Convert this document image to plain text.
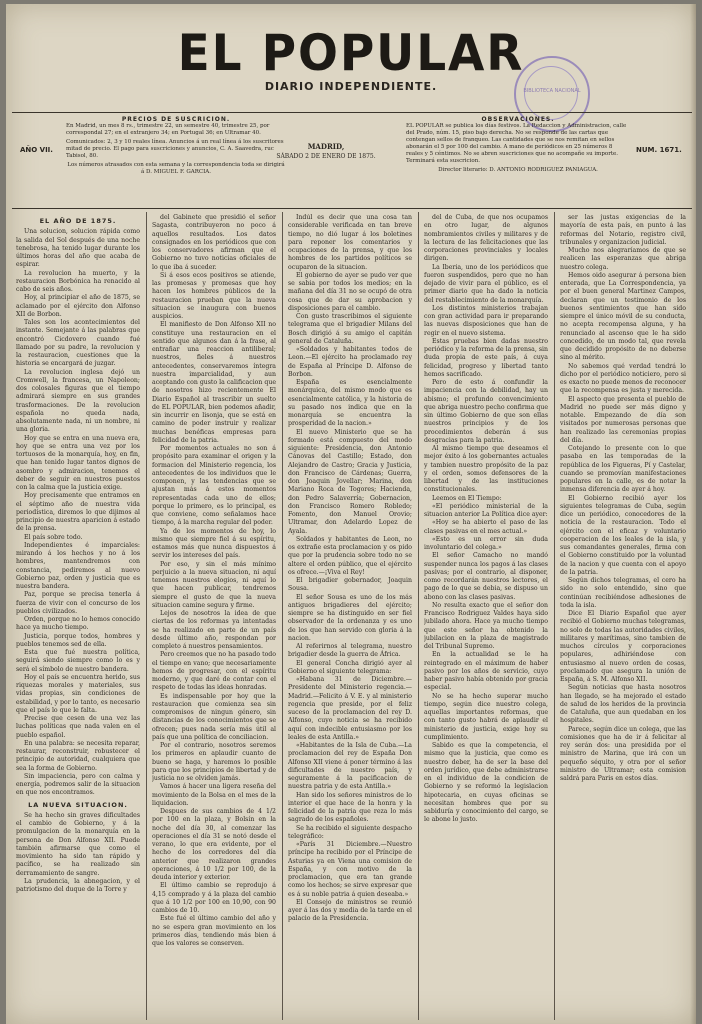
EL POPULAR
DIARIO INDEPENDIENTE.	BIBLIOTECA NACIONAL
PRECIOS DE SUSCRICION.
En Madrid, un mes 8 rs., trimestre 22, un semestre 40, trimestre 25, por correspondal 27; en el extranjero 34; en Portugal 36; en Ultramar 40.
Comunicados: 2, 3 y 10 reales línea. Anuncios á un real línea á los suscritores mitad de precio. El pago para suscriciones y anuncios, C. A. Saavedra, ruc Tabisol, 80.
Los números atrasados con esta semana y la correspondencia toda se dirigirá á D. MIGUEL F. GARCIA.
AÑO VII.	MADRID,
SÁBADO 2 DE ENERO DE 1875.
OBSERVACIONES.
EL POPULAR se publica los días festivos. La Redaccion y Administracion, calle del Prado, núm. 15, piso bajo derecha. No se responde de las cartas que contengan sellos de franqueo. Las cantidades que se nos remitan en sellos abonarán el 5 por 100 del cambio. A mano de periódicos en 25 números 8 reales y 5 céntimos. No se abren suscriciones que no acompañe su importe. Terminará esta suscricion.
Director literario: D. ANTONIO RODRIGUEZ PANIAGUA.
NUM. 1671.

EL AÑO DE 1875.

Una solucion, solucion rápida como la salida del Sol después de una noche tenebrosa, ha tenido lugar durante los últimos horas del año que acaba de espirar.

La revolucion ha muerto, y la restauracion Borbónica ha renacido al cabo de seis años.

Hoy, al principiar el año de 1875, se aclamado por el ejército don Alfonso XII de Borbon.

Tales son los acontecimientos del instante. Semejante á las palabras que encontró Cicdovero cuando fué llamado por su padre, la revolucion y la restauracion, cuestiones que la historia se encargará de juzgar.

La revolucion inglesa dejó un Cromwell, la francesa, un Napoleon; dos colosales figuras que el tiempo admirará siempre en sus grandes trasformaciones. De la revolucion española no queda nada, absolutamente nada, ni un nombre, ni una gloria.

Hoy que se entra en una nueva era, hoy que se entra una vez por los tortuosos de la monarquía, hoy, en fin, que han tenido lugar tantos dignos de asombro y admiracion, tenemos el deber de seguir en nuestros puestos con la calma que la justicia exige.

Hoy precisamente que entramos en el séptimo año de nuestra vida periodística, diremos lo que dijimos al principio de nuestra aparicion á estado de la prensa.

El país sobre todo.

Independientes é imparciales: mirando á los hechos y no á los hombres, mantendremos con constancia, pediremos al nuevo Gobierno paz, orden y justicia que es nuestra bandera.

Paz, porque se precisa tenerla á fuerza de vivir con el concurso de los pueblos civilizados.

Orden, porque no lo hemos conocido hace ya mucho tiempo.

Justicia, porque todos, hombres y pueblos tenemos sed de ella.

Esta que fué nuestra política, seguirá siendo siempre como lo es y será el símbolo de nuestro bandera.

Hoy el país se encuentra herido, sus riquezas morales y materiales, sus vidas propias, sin condiciones de estabilidad, y por lo tanto, es necesario que el país lo que le falta.

Precise que cesen de una vez las luchas políticas que nada valen en el pueblo español.

En una palabra: se necesita reparar, restaurar, reconstruir, robustecer el principio de autoridad, cualquiera que sea la forma de Gobierno.

Sin impaciencia, pero con calma y energía, podremos salir de la situacion en que nos encontramos.

LA NUEVA SITUACION.

Se ha hecho sin graves dificultades el cambio de Gobierno, y á la promulgacion de la monarquía en la persona de Don Alfonso XII. Puede también afirmarse que como el movimiento ha sido tan rápido y pacífico, se ha realizado sin derramamiento de sangre.

La prudencia, la abnegacion, y el patriotismo del duque de la Torre y

del Gabinete que presidió el señor Sagasta, contribuyeron no poco á aquellos resultados. Los datos consignados en los periódicos que con los conservadores afirman que el Gobierno no tuvo noticias oficiales de lo que iba á suceder.

Si á esos ecos positivos se atiende, las promesas y promesas que hoy hacen los hombres públicos de la restauracion prueban que la nueva situacion se inaugura con buenos auspicios.

El manifiesto de Don Alfonso XII no constituye una restauracion en el sentido que algunos dan á la frase, al entrañar una reaccion antiliberal; nuestros, fieles á nuestros antecedentes, conservaremos íntegra nuestra imparcialidad, y aun aceptando con gusto la calificacion que de nosotros hizo recientemente El Diario Español al trascribir un suelto de EL POPULAR, bien podemos añadir, sin incurrir en lisonja, que se está en camino de poder instruir y realizar muchas benéficas empresas para felicidad de la patria.

Por momentos actuales no son á propósito para examinar el origen y la formacion del Ministerio regencia, los antecedentes de los individuos que le componen, y las tendencias que se ajustan más á estos momentos representadas cada uno de ellos; porque lo primero, es lo principal, es que conviene, como señalamos hace tiempo, á la marcha regular del poder.

Ya de los momentos de hoy, lo mismo que siempre fiel á su espíritu, estamos más que nunca dispuestos á servir los intereses del país.

Por eso, y sin el más mínimo perjuicio a la nueva situacion, ni aquí tenemos nuestros elogios, ni aquí lo que hacen publicar, tendremos siempre el gusto de que la nueva situacion camine segura y firme.

Lejos de nosotros la idea de que ciertas de los reformas ya intentadas se ha realizado en parte de un país desde último año, respondan por completo á nuestros pensamientos.

Pero creemos que no ha pasado todo el tiempo en vano; que necesariamente hemos de progresar, con el espíritu moderno, y que daré de contar con el respeto de todas las ideas honradas.

Es indispensable por hoy que la restauracion que comienza sea sin compromisos de ningun género, sin distancias de los conocimientos que se ofrecen; pues nada sería más útil al país que una política de conciliacion.

Por el contrario, nosotros seremos los primeros en aplaudir cuanto de bueno se haga, y haremos lo posible para que los principios de libertad y de justicia no se olviden jamás.

Vamos á hacer una ligera reseña del movimiento de la Bolsa en el mes de la liquidacion.

Despues de sus cambios de 4 1/2 por 100 en la plaza, y Bolsín en la noche del día 30, al comenzar las operaciones el día 31 se notó desde el verano, lo que era evidente, por el hecho de los corredores del día anterior que realizaron grandes operaciones, á 10 1/2 por 100, de la deuda interior y exterior.

El último cambio se reprodujo á 4,15 comprado y á la plaza del cambio que á 10 1/2 por 100 en 10,90, con 90 cambios de 10.

Este fué el último cambio del año y no se espera gran movimiento en los primeros días, tendiendo más bien á que los valores se conserven.

Indúl es decir que una cosa tan considerable verificada en tan breve tiempo, no dió lugar á los boletines para reponer los comentarios y ocupaciones de la prensa, y que los hombres de los partidos políticos se ocuparon de la situacion.

El gobierno de ayer se pudo ver que se sabia por todos los medios; en la mañana del día 31 no se ocupó de otra cosa que de dar su aprobacion y disposiciones para el cambio.

Con gusto trascribimos el siguiente telegrama que el brigadier Milans del Bosch dirigió á su amigo el capitán general de Cataluña.

«Soldados y habitantes todos de Leon.—El ejército ha proclamado rey de España al Príncipe D. Alfonso de Borbon.

España es esencialmente monárquica, del mismo modo que es esencialmente católica, y la historia de su pasado nos indica que en la monarquía se encuentra la prosperidad de la nacion.»

El nuevo Ministerio que se ha formado está compuesto del modo siguiente: Presidencia, don Antonio Cánovas del Castillo; Estado, don Alejandro de Castro; Gracia y Justicia, don Francisco de Cárdenas; Guerra, don Joaquin Jovellar; Marina, don Mariano Roca de Togores; Hacienda, don Pedro Salaverría; Gobernacion, don Francisco Romero Robledo; Fomento, don Manuel Orovio; Ultramar, don Adelardo Lopez de Ayala.

Soldados y habitantes de Leon, no os extrañe esta proclamacion y os pido que por la prudencia sobre todo no se altere el orden público, que el ejército os ofrece.—¡Viva el Rey!

El brigadier gobernador, Joaquin Sousa.

El señor Sousa es uno de los más antiguos brigadieres del ejército; siempre se ha distinguido en ser fiel observador de la ordenanza y es uno de los que han servido con gloria á la nacion.

Al referirnos al telegrama, nuestro brigadier desde la guerra de África.

El general Concha dirigió ayer al Gobierno el siguiente telegrama:

«Habana 31 de Diciembre.—Presidente del Ministerio regencia.—Madrid.—Felicito á V. E. y al ministerio regencia que preside, por el feliz suceso de la proclamacion del rey D. Alfonso, cuyo noticia se ha recibido aquí con indecible entusiasmo por los leales de esta Antilla.»

«Habitantes de la Isla de Cuba.—La proclamacion del rey de España Don Alfonso XII viene á poner término á las dificultades de nuestro país, y seguramente á la pacificacion de nuestra patria y de esta Antilla.»

Han sido los señores ministros de lo interior el que hace de la honra y la felicidad de la patria que reza lo más sagrado de los españoles.

Se ha recibido el siguiente despacho telegráfico:

«París 31 Diciembre.—Nuestro príncipe ha recibido por el Príncipe de Asturias ya en Viena una comision de España, y con motivo de la proclamacion, que era tan grande como los hechos; se sirve expresar que es á su noble patria á quien deseaba.»

El Consejo de ministros se reunió ayer á las dos y media de la tarde en el palacio de la Presidencia.

del de Cuba, de que nos ocupamos en otro lugar, de algunos nombramientos civiles y militares y de la lectura de las felicitaciones que las corporaciones provinciales y locales dirigen.

La Iberia, uno de los periódicos que fueron suspendidos, pero que no han dejado de vivir para el público, es el primer diario que ha dado la noticia del restablecimiento de la monarquía.

Los distintos ministerios trabajan con gran actividad para ir preparando las nuevas disposiciones que han de regir en el nuevo sistema.

Estas pruebas bien dadas nuestro periódico y la reforma de la prensa, sin duda propia de este país, á cuya felicidad, progreso y libertad tanto hemos sacrificado.

Pero de esto á confundir la impaciencia con la debilidad, hay un abismo; el profundo convencimiento que abriga nuestro pecho confirma que sin último Gobierno de que son ellas nuestros principios y de los procedimientos deberán á sus desgracias para la patria.

Al mismo tiempo que deseamos el mejor éxito á los gobernantes actuales y tambien nuestro propósito de la paz y el orden, somos defensores de la libertad y de las instituciones constitucionales.

Leemos en El Tiempo:

«El periódico ministerial de la situacion anterior La Política dice ayer:

«Hoy se ha abierto el paso de las clases pasivas en el mes actual.»

«Esto es un error sin duda involuntario del colega.»

El señor Camacho no mandó suspender nunca los pagos á las clases pasivas; por el contrario, al disponer, como recordarán nuestros lectores, el pago de lo que se debia, se dispuso un abono con las clases pasivas.

No resulta exacto que el señor don Francisco Rodriguez Valdes haya sido jubilado ahora. Hace ya mucho tiempo que este señor ha obtenido la jubilacion en la plaza de magistrado del Tribunal Supremo.

En la actualidad se le ha reintegrado en el máximum de haber pasivo por los años de servicio, cuyo haber pasivo había obtenido por gracia especial.

No se ha hecho superar mucho tiempo, según dice nuestro colega, aquellas importantes reformas, que con tanto gusto habrá de aplaudir el ministerio de justicia, exige hoy su cumplimiento.

Sabido es que la competencia, el mismo que la justicia, que como es nuestro deber, ha de ser la base del orden jurídico, que debe administrarse en el individuo de la condicion de Gobierno y se reformó la legislacion hipotecaria, en cuyas oficinas se necesitan hombres que por su sabiduría y conocimiento del cargo, se le abone lo justo.

ser las justas exigencias de la mayoría de esta país, en punto á las reformas del Notario, registro civil, tribunales y organizacion judicial.

Mucho nos alegraríamos de que se realicen las esperanzas que abriga nuestro colega.

Hemos oido asegurar á persona bien enterada, que La Correspondencia, ya por el buen general Martinez Campos, declaran que un testimonio de los buenos sentimientos que han sido siempre el único móvil de su conducta, no acepta recompensa alguna, y ha renunciado al ascenso que le ha sido concedido, de un modo tal, que revela que decidido propósito de no deberse sino al mérito.

No sabemos qué verdad tendrá lo dicho por el periódico noticiero, pero si es exacto no puede menos de reconocer que la recompensa es justa y merecida.

El aspecto que presenta el pueblo de Madrid no puede ser más digno y notable. Empezando de día son visitados por numerosas personas que han realizado las ceremonias propias del día.

Cotejando lo presente con lo que pasaba en las temporadas de la república de los Figueras, Pí y Castelar, cuando se promovían manifestaciones populares en la calle, es de notar la inmensa diferencia de ayer á hoy.

El Gobierno recibió ayer los siguientes telegramas de Cuba, según dice un periódico, conocedores de la noticia de la restauracion. Todo el ejército con el eficaz y voluntario cooperacion de los leales de la isla, y sus comandantes generales, firma con el Gobierno constituido por la voluntad de la nacion y que cuenta con el apoyo de la patria.

Según dichos telegramas, el cero ha sido no solo entendido, sino que continúan recibiéndose adhesiones de toda la isla.

Dice El Diario Español que ayer recibió el Gobierno muchas telegramas, no solo de todas las autoridades civiles, militares y marítimas, sino tambien de muchos círculos y corporaciones populares, adhiriéndose con entusiasmo al nuevo orden de cosas, proclamado que asegura la unión de España, á S. M. Alfonso XII.

Según noticias que hasta nosotros han llegado, se ha mejorado el estado de salud de los heridos de la provincia de Cataluña, que aun quedaban en los hospitales.

Parece, según dice un colega, que las comisiones que ha de ir á felicitar al rey serán dos: una presidida por el ministro de Marina, que irá con un pequeño séquito, y otra por el señor ministro de Ultramar; esta comision saldrá para Paris en estos días.
